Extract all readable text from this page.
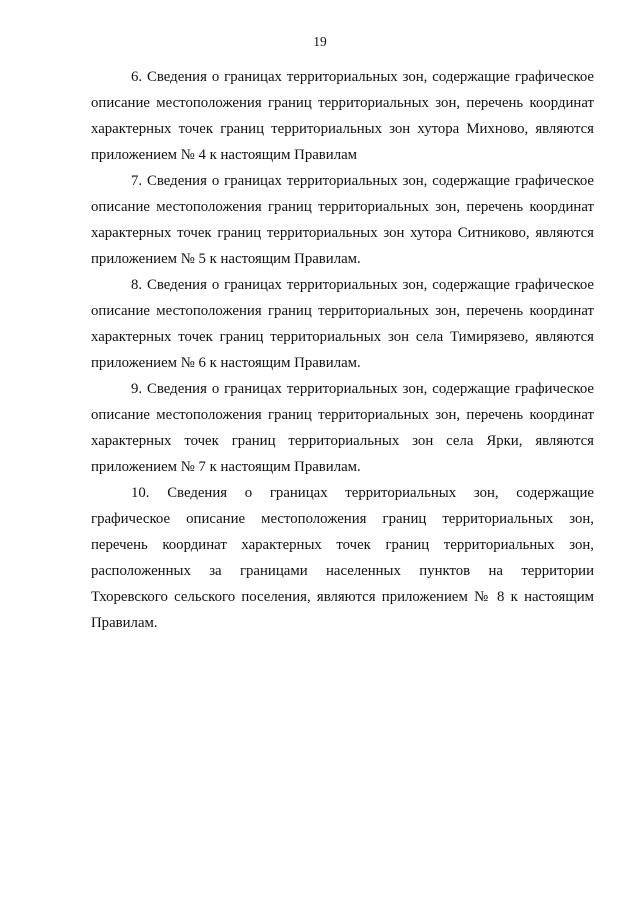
19
6. Сведения о границах территориальных зон, содержащие графическое
описание местоположения границ территориальных зон, перечень координат
характерных точек границ территориальных зон хутора Михново, являются
приложением № 4 к настоящим Правилам
7. Сведения о границах территориальных зон, содержащие графическое
описание местоположения границ территориальных зон, перечень координат
характерных точек границ территориальных зон хутора Ситниково, являются
приложением № 5 к настоящим Правилам.
8. Сведения о границах территориальных зон, содержащие графическое
описание местоположения границ территориальных зон, перечень координат
характерных точек границ территориальных зон села Тимирязево, являются
приложением № 6 к настоящим Правилам.
9. Сведения о границах территориальных зон, содержащие графическое
описание местоположения границ территориальных зон, перечень координат
характерных точек границ территориальных зон села Ярки, являются
приложением № 7 к настоящим Правилам.
10. Сведения о границах территориальных зон, содержащие
графическое описание местоположения границ территориальных зон,
перечень координат характерных точек границ территориальных зон,
расположенных за границами населенных пунктов на территории
Тхоревского сельского поселения, являются приложением № 8 к настоящим
Правилам.
